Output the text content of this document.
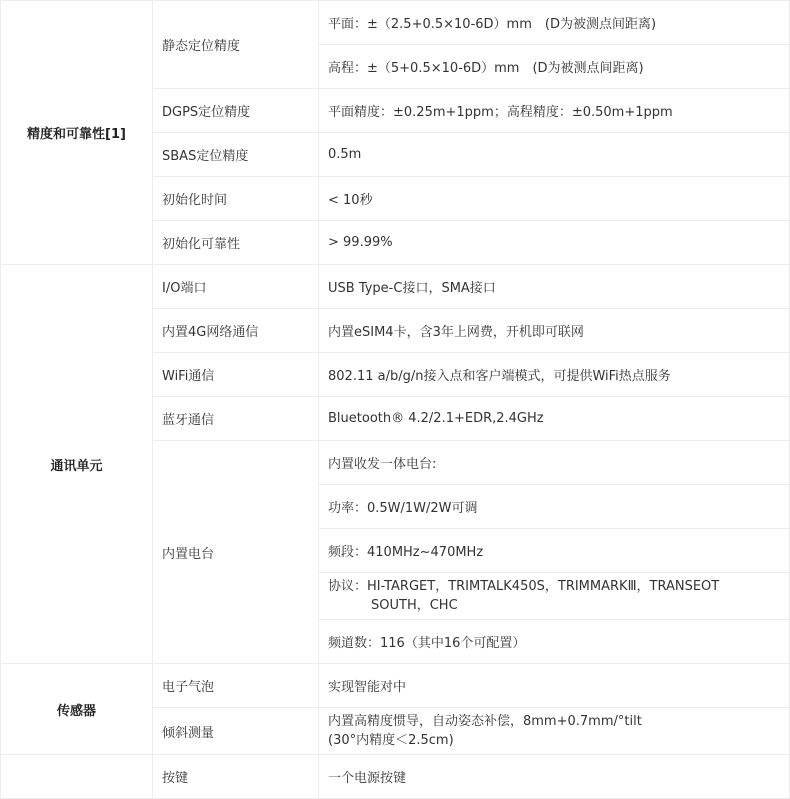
精度和可靠性[1]	静态定位精度	平面：±（2.5+0.5×10-6D）mm　(D为被测点间距离)
		高程：±（5+0.5×10-6D）mm　(D为被测点间距离)
	DGPS定位精度	平面精度：±0.25m+1ppm；高程精度：±0.50m+1ppm
	SBAS定位精度	0.5m
	初始化时间	< 10秒
	初始化可靠性	> 99.99%
通讯单元	I/O端口	USB Type-C接口，SMA接口
	内置4G网络通信	内置eSIM4卡，含3年上网费，开机即可联网
	WiFi通信	802.11 a/b/g/n接入点和客户端模式，可提供WiFi热点服务
	蓝牙通信	Bluetooth® 4.2/2.1+EDR,2.4GHz
	内置电台	内置收发一体电台:
		功率：0.5W/1W/2W可调
		频段：410MHz~470MHz

		协议：HI-TARGET，TRIMTALK450S，TRIMMARKⅢ，TRANSEOT
SOUTH，CHC

		频道数：116（其中16个可配置）
传感器	电子气泡	实现智能对中
	倾斜测量	内置高精度惯导，自动姿态补偿，8mm+0.7mm/°tilt
(30°内精度＜2.5cm)

	按键	一个电源按键
